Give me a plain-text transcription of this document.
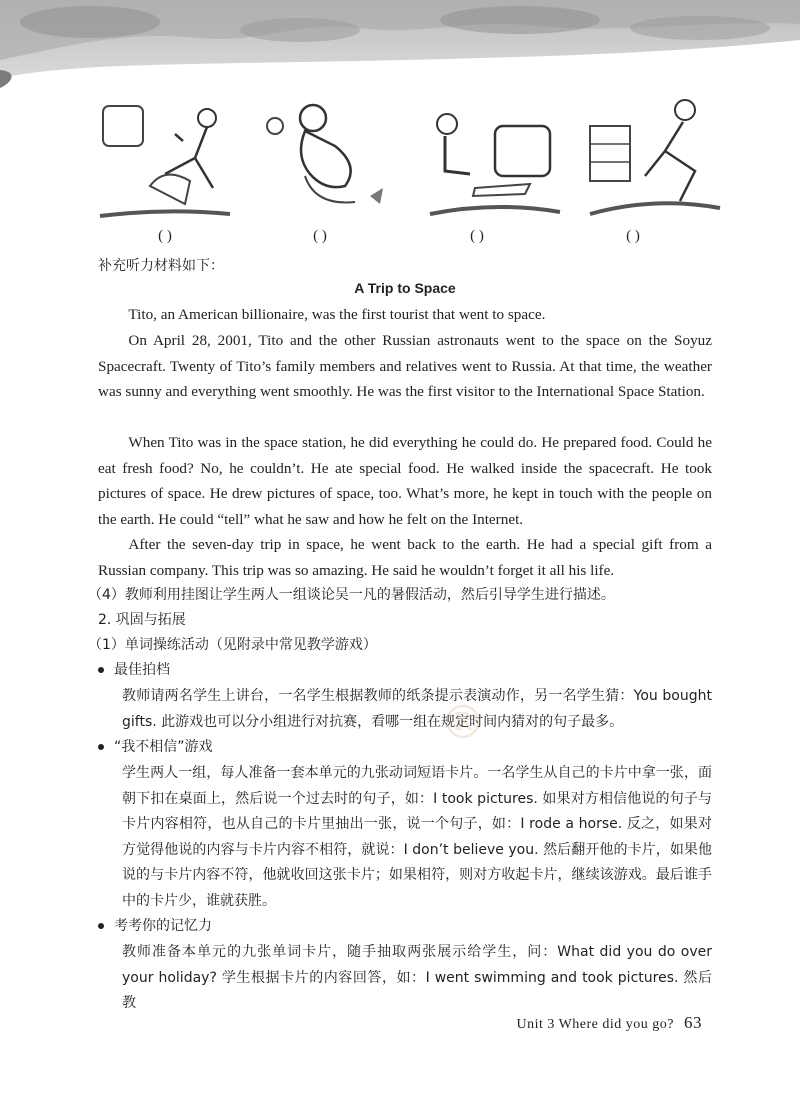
( )	( )	( )	( )
补充听力材料如下：
A Trip to Space
Tito, an American billionaire, was the first tourist that went to space.
On April 28, 2001, Tito and the other Russian astronauts went to the space on the Soyuz Spacecraft. Twenty of Tito’s family members and relatives went to Russia. At that time, the weather was sunny and everything went smoothly. He was the first visitor to the International Space Station.
When Tito was in the space station, he did everything he could do. He prepared food. Could he eat fresh food? No, he couldn’t. He ate special food. He walked inside the spacecraft. He took pictures of space. He drew pictures of space, too. What’s more, he kept in touch with the people on the earth. He could “tell” what he saw and how he felt on the Internet.
After the seven-day trip in space, he went back to the earth. He had a special gift from a Russian company. This trip was so amazing. He said he wouldn’t forget it all his life.
（4）教师利用挂图让学生两人一组谈论吴一凡的暑假活动，然后引导学生进行描述。
2. 巩固与拓展
（1）单词操练活动（见附录中常见教学游戏）
®
最佳拍档
教师请两名学生上讲台，一名学生根据教师的纸条提示表演动作，另一名学生猜：You bought gifts. 此游戏也可以分小组进行对抗赛，看哪一组在规定时间内猜对的句子最多。
“我不相信”游戏
学生两人一组，每人准备一套本单元的九张动词短语卡片。一名学生从自己的卡片中拿一张，面朝下扣在桌面上，然后说一个过去时的句子，如：I took pictures. 如果对方相信他说的句子与卡片内容相符，也从自己的卡片里抽出一张，说一个句子，如：I rode a horse. 反之，如果对方觉得他说的内容与卡片内容不相符，就说：I don’t believe you. 然后翻开他的卡片，如果他说的与卡片内容不符，他就收回这张卡片；如果相符，则对方收起卡片，继续该游戏。最后谁手中的卡片少，谁就获胜。
考考你的记忆力
教师准备本单元的九张单词卡片，随手抽取两张展示给学生，问：What did you do over your holiday? 学生根据卡片的内容回答，如：I went swimming and took pictures. 然后教
Unit 3 Where did you go? 63
